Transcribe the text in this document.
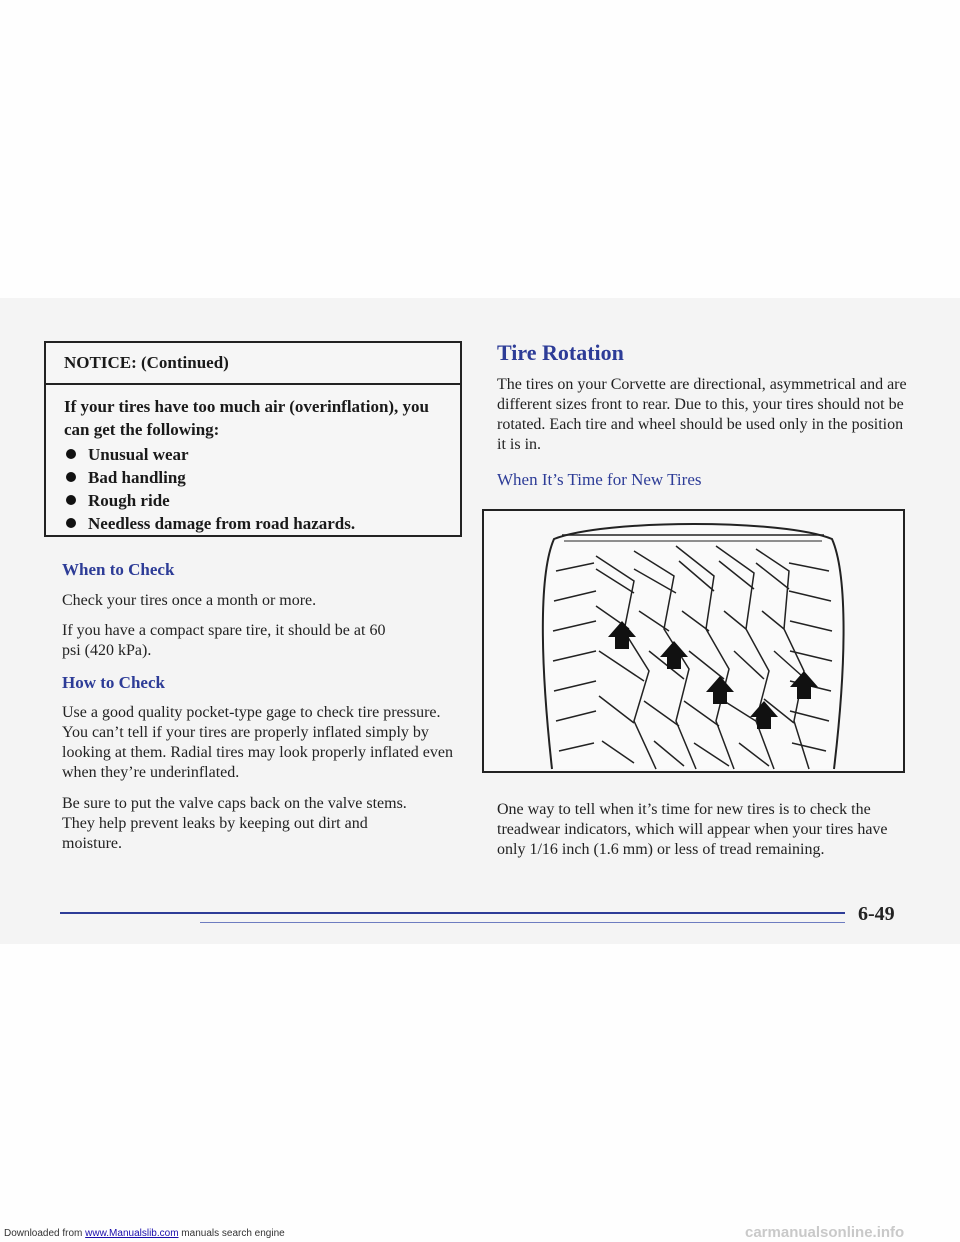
NOTICE: (Continued)
If your tires have too much air (overinflation), you can get the following:
Unusual wear
Bad handling
Rough ride
Needless damage from road hazards.
When to Check
Check your tires once a month or more.
If you have a compact spare tire, it should be at 60 psi (420 kPa).
How to Check
Use a good quality pocket-type gage to check tire pressure. You can’t tell if your tires are properly inflated simply by looking at them. Radial tires may look properly inflated even when they’re underinflated.
Be sure to put the valve caps back on the valve stems. They help prevent leaks by keeping out dirt and moisture.
Tire Rotation
The tires on your Corvette are directional, asymmetrical and are different sizes front to rear. Due to this, your tires should not be rotated. Each tire and wheel should be used only in the position it is in.
When It’s Time for New Tires
One way to tell when it’s time for new tires is to check the treadwear indicators, which will appear when your tires have only 1/16 inch (1.6 mm) or less of tread remaining.
6-49
Downloaded from www.Manualslib.com manuals search engine	carmanualsonline.info
